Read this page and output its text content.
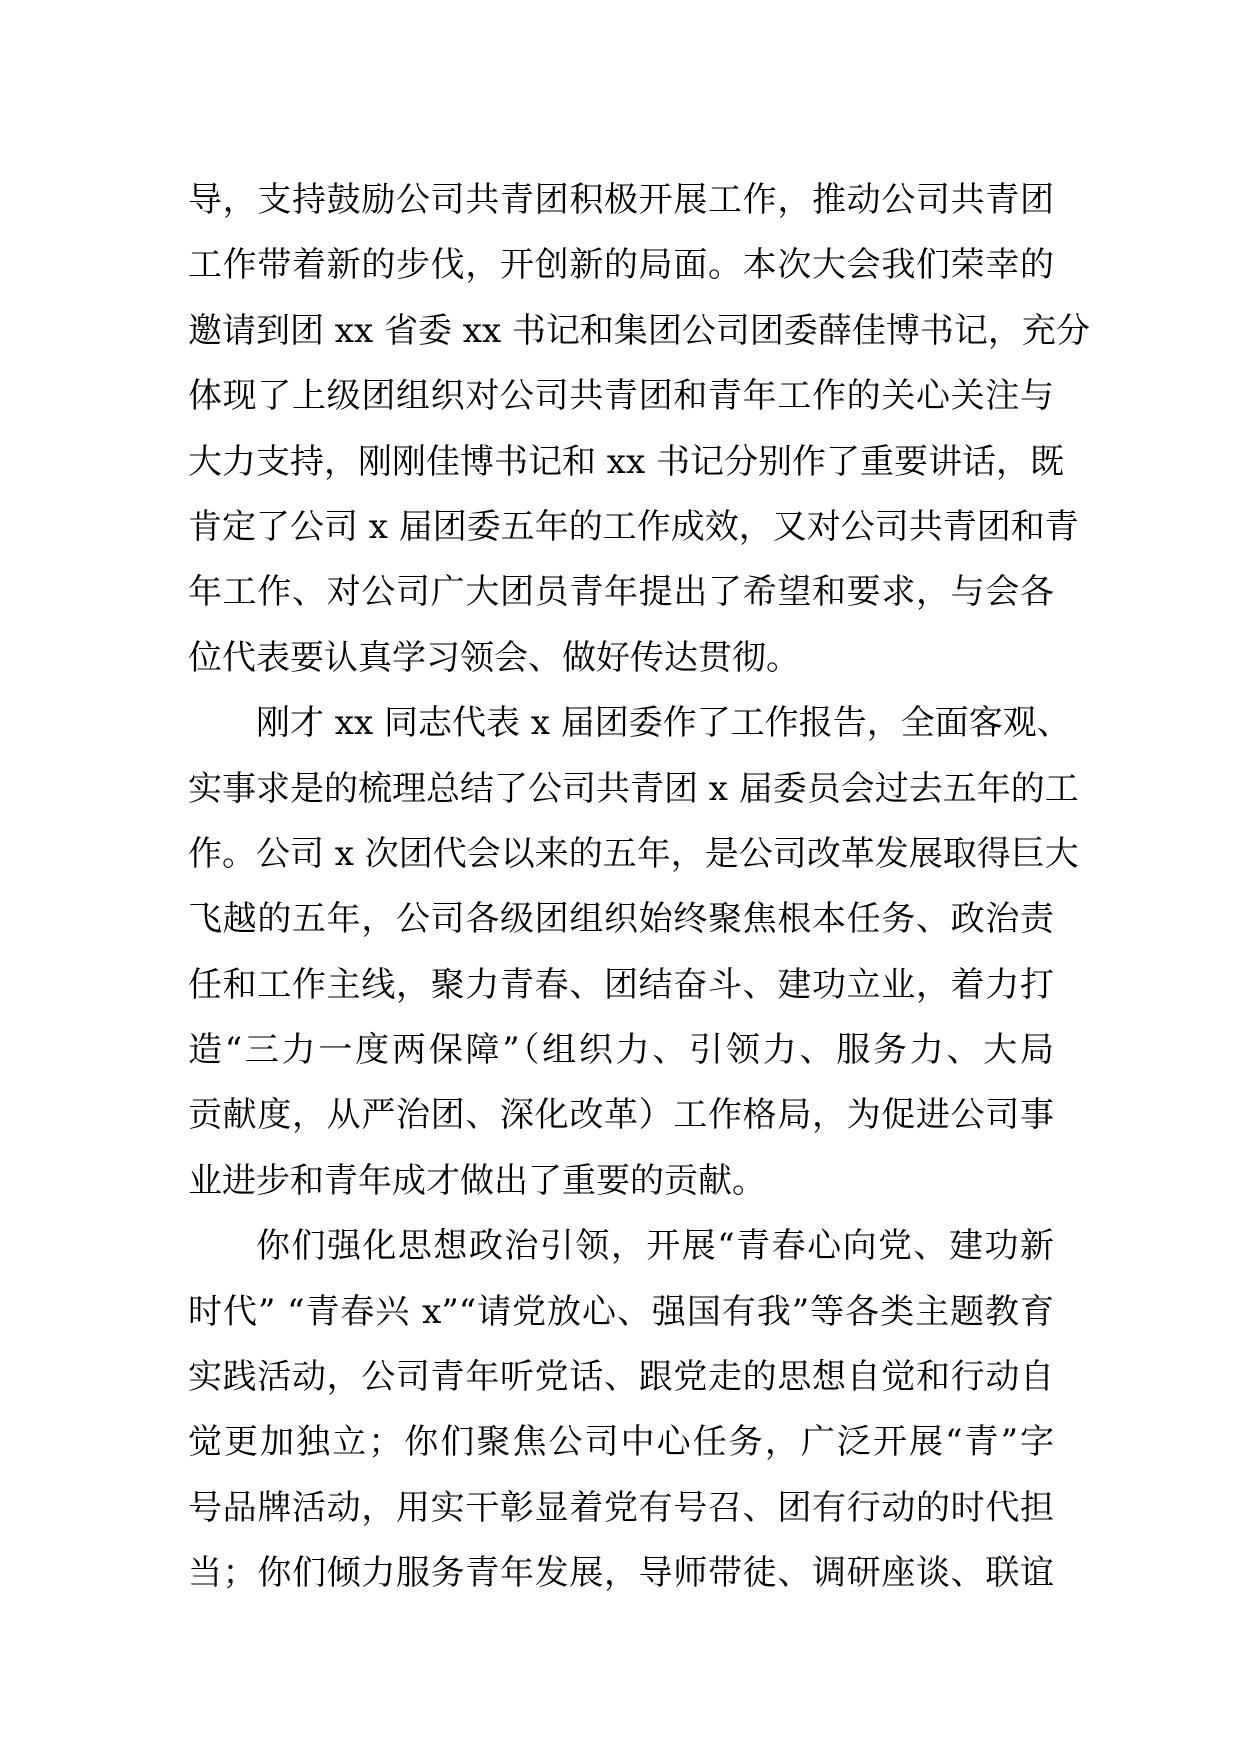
导，支持鼓励公司共青团积极开展工作，推动公司共青团
工作带着新的步伐，开创新的局面。本次大会我们荣幸的
邀请到团 xx 省委 xx 书记和集团公司团委薛佳博书记，充分
体现了上级团组织对公司共青团和青年工作的关心关注与
大力支持，刚刚佳博书记和 xx 书记分别作了重要讲话，既
肯定了公司 x 届团委五年的工作成效，又对公司共青团和青
年工作、对公司广大团员青年提出了希望和要求，与会各
位代表要认真学习领会、做好传达贯彻。
刚才 xx 同志代表 x 届团委作了工作报告，全面客观、
实事求是的梳理总结了公司共青团 x 届委员会过去五年的工
作。公司 x 次团代会以来的五年，是公司改革发展取得巨大
飞越的五年，公司各级团组织始终聚焦根本任务、政治责
任和工作主线，聚力青春、团结奋斗、建功立业，着力打
造“三力一度两保障”（组织力、引领力、服务力、大局
贡献度，从严治团、深化改革）工作格局，为促进公司事
业进步和青年成才做出了重要的贡献。
你们强化思想政治引领，开展“青春心向党、建功新
时代” “青春兴 x”“请党放心、强国有我”等各类主题教育
实践活动，公司青年听党话、跟党走的思想自觉和行动自
觉更加独立；你们聚焦公司中心任务，广泛开展“青”字
号品牌活动，用实干彰显着党有号召、团有行动的时代担
当；你们倾力服务青年发展，导师带徒、调研座谈、联谊
